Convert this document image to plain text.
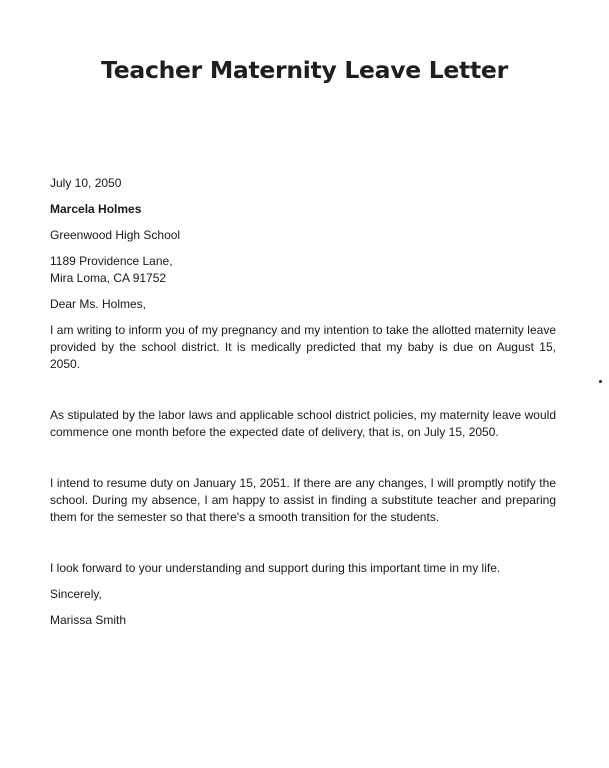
Teacher Maternity Leave Letter

July 10, 2050

Marcela Holmes

Greenwood High School

1189 Providence Lane,

Mira Loma, CA 91752

Dear Ms. Holmes,

I am writing to inform you of my pregnancy and my intention to take the allotted maternity leave provided by the school district. It is medically predicted that my baby is due on August 15, 2050.

As stipulated by the labor laws and applicable school district policies, my maternity leave would commence one month before the expected date of delivery, that is, on July 15, 2050.

I intend to resume duty on January 15, 2051. If there are any changes, I will promptly notify the school. During my absence, I am happy to assist in finding a substitute teacher and preparing them for the semester so that there's a smooth transition for the students.

I look forward to your understanding and support during this important time in my life.

Sincerely,

Marissa Smith
